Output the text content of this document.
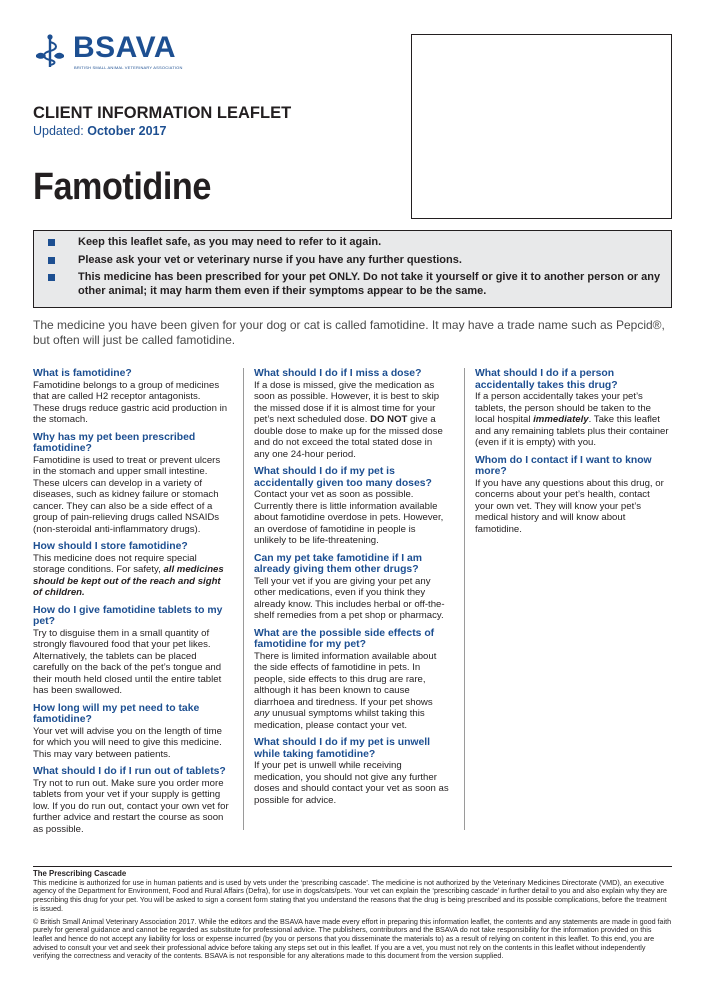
BSAVA
BRITISH SMALL ANIMAL VETERINARY ASSOCIATION
CLIENT INFORMATION LEAFLET
Updated: October 2017
Famotidine
Keep this leaflet safe, as you may need to refer to it again.
Please ask your vet or veterinary nurse if you have any further questions.
This medicine has been prescribed for your pet ONLY. Do not take it yourself or give it to another person or any other animal; it may harm them even if their symptoms appear to be the same.

The medicine you have been given for your dog or cat is called famotidine. It may have a trade name such as Pepcid®, but often will just be called famotidine.

What is famotidine?

Famotidine belongs to a group of medicines that are called H2 receptor antagonists. These drugs reduce gastric acid production in the stomach.

Why has my pet been prescribed famotidine?

Famotidine is used to treat or prevent ulcers in the stomach and upper small intestine. These ulcers can develop in a variety of diseases, such as kidney failure or stomach cancer. They can also be a side effect of a group of pain-relieving drugs called NSAIDs (non-steroidal anti-inflammatory drugs).

How should I store famotidine?

This medicine does not require special storage conditions. For safety, all medicines should be kept out of the reach and sight of children.

How do I give famotidine tablets to my pet?

Try to disguise them in a small quantity of strongly flavoured food that your pet likes. Alternatively, the tablets can be placed carefully on the back of the pet’s tongue and their mouth held closed until the entire tablet has been swallowed.

How long will my pet need to take famotidine?

Your vet will advise you on the length of time for which you will need to give this medicine. This may vary between patients.

What should I do if I run out of tablets?

Try not to run out. Make sure you order more tablets from your vet if your supply is getting low. If you do run out, contact your own vet for further advice and restart the course as soon as possible.

What should I do if I miss a dose?

If a dose is missed, give the medication as soon as possible. However, it is best to skip the missed dose if it is almost time for your pet’s next scheduled dose. DO NOT give a double dose to make up for the missed dose and do not exceed the total stated dose in any one 24-hour period.

What should I do if my pet is accidentally given too many doses?

Contact your vet as soon as possible. Currently there is little information available about famotidine overdose in pets. However, an overdose of famotidine in people is unlikely to be life-threatening.

Can my pet take famotidine if I am already giving them other drugs?

Tell your vet if you are giving your pet any other medications, even if you think they already know. This includes herbal or off-the-shelf remedies from a pet shop or pharmacy.

What are the possible side effects of famotidine for my pet?

There is limited information available about the side effects of famotidine in pets. In people, side effects to this drug are rare, although it has been known to cause diarrhoea and tiredness. If your pet shows any unusual symptoms whilst taking this medication, please contact your vet.

What should I do if my pet is unwell while taking famotidine?

If your pet is unwell while receiving medication, you should not give any further doses and should contact your vet as soon as possible for advice.

What should I do if a person accidentally takes this drug?

If a person accidentally takes your pet’s tablets, the person should be taken to the local hospital immediately. Take this leaflet and any remaining tablets plus their container (even if it is empty) with you.

Whom do I contact if I want to know more?

If you have any questions about this drug, or concerns about your pet’s health, contact your own vet. They will know your pet’s medical history and will know about famotidine.

The Prescribing Cascade

This medicine is authorized for use in human patients and is used by vets under the ‘prescribing cascade’. The medicine is not authorized by the Veterinary Medicines Directorate (VMD), an executive agency of the Department for Environment, Food and Rural Affairs (Defra), for use in dogs/cats/pets. Your vet can explain the ‘prescribing cascade’ in further detail to you and also explain why they are prescribing this drug for your pet. You will be asked to sign a consent form stating that you understand the reasons that the drug is being prescribed and its possible complications, before the treatment is issued.

© British Small Animal Veterinary Association 2017. While the editors and the BSAVA have made every effort in preparing this information leaflet, the contents and any statements are made in good faith purely for general guidance and cannot be regarded as substitute for professional advice. The publishers, contributors and the BSAVA do not take responsibility for the information provided on this leaflet and hence do not accept any liability for loss or expense incurred (by you or persons that you disseminate the materials to) as a result of relying on content in this leaflet. To this end, you are advised to consult your vet and seek their professional advice before taking any steps set out in this leaflet. If you are a vet, you must not rely on the contents in this leaflet without independently verifying the correctness and veracity of the contents. BSAVA is not responsible for any alterations made to this document from the version supplied.
